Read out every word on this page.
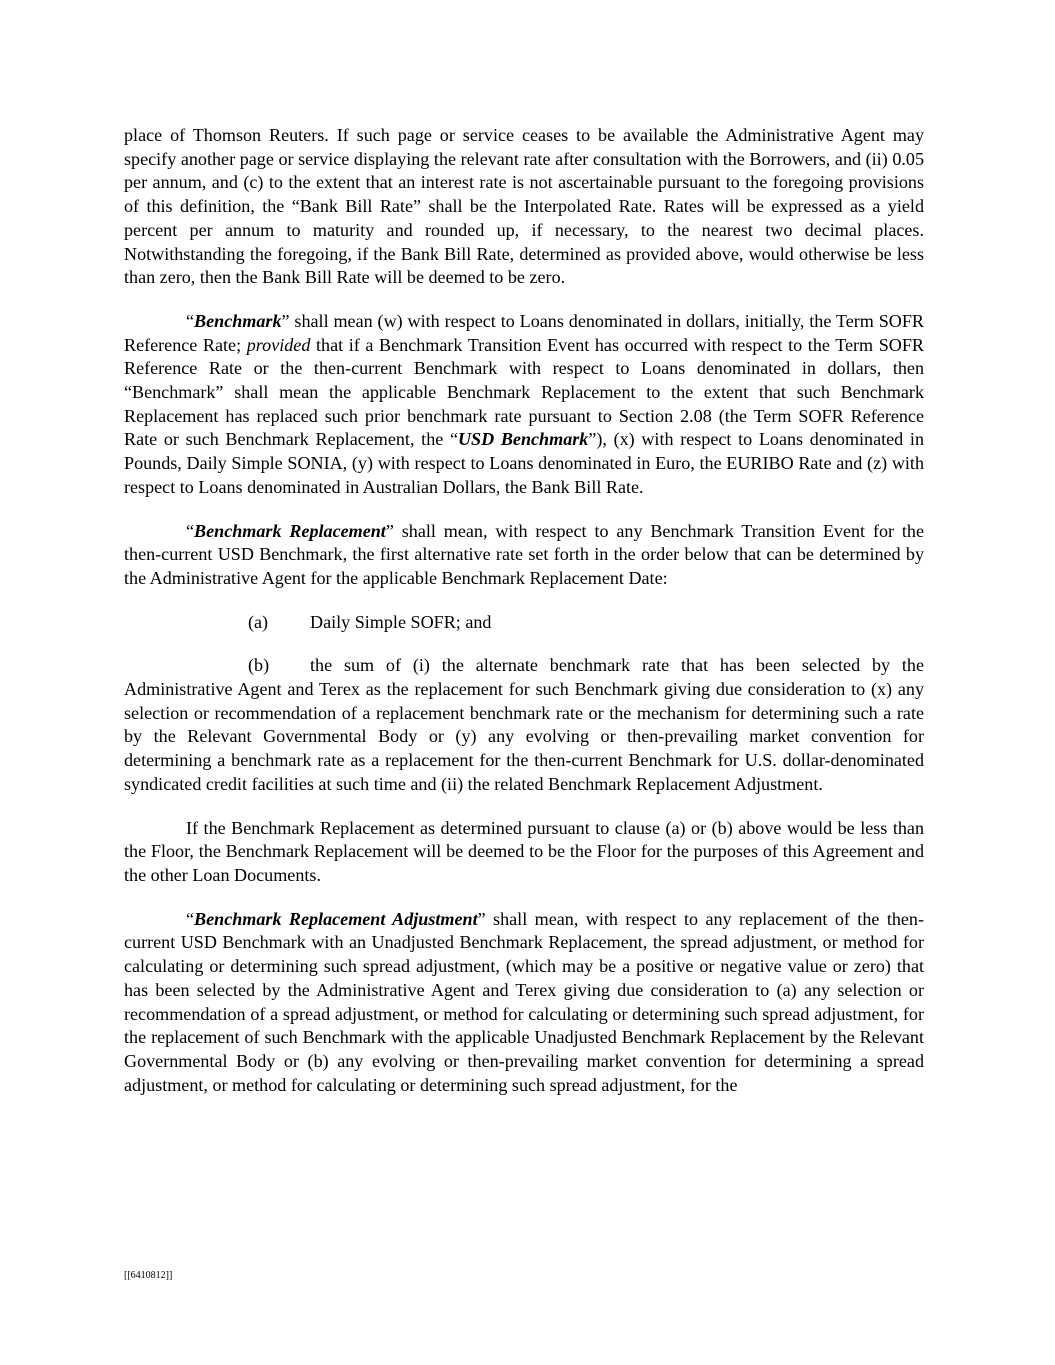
place of Thomson Reuters. If such page or service ceases to be available the Administrative Agent may specify another page or service displaying the relevant rate after consultation with the Borrowers, and (ii) 0.05 per annum, and (c) to the extent that an interest rate is not ascertainable pursuant to the foregoing provisions of this definition, the “Bank Bill Rate” shall be the Interpolated Rate. Rates will be expressed as a yield percent per annum to maturity and rounded up, if necessary, to the nearest two decimal places. Notwithstanding the foregoing, if the Bank Bill Rate, determined as provided above, would otherwise be less than zero, then the Bank Bill Rate will be deemed to be zero.

“Benchmark” shall mean (w) with respect to Loans denominated in dollars, initially, the Term SOFR Reference Rate; provided that if a Benchmark Transition Event has occurred with respect to the Term SOFR Reference Rate or the then-current Benchmark with respect to Loans denominated in dollars, then “Benchmark” shall mean the applicable Benchmark Replacement to the extent that such Benchmark Replacement has replaced such prior benchmark rate pursuant to Section 2.08 (the Term SOFR Reference Rate or such Benchmark Replacement, the “USD Benchmark”), (x) with respect to Loans denominated in Pounds, Daily Simple SONIA, (y) with respect to Loans denominated in Euro, the EURIBO Rate and (z) with respect to Loans denominated in Australian Dollars, the Bank Bill Rate.

“Benchmark Replacement” shall mean, with respect to any Benchmark Transition Event for the then-current USD Benchmark, the first alternative rate set forth in the order below that can be determined by the Administrative Agent for the applicable Benchmark Replacement Date:

(a) Daily Simple SOFR; and

(b) the sum of (i) the alternate benchmark rate that has been selected by the Administrative Agent and Terex as the replacement for such Benchmark giving due consideration to (x) any selection or recommendation of a replacement benchmark rate or the mechanism for determining such a rate by the Relevant Governmental Body or (y) any evolving or then-prevailing market convention for determining a benchmark rate as a replacement for the then-current Benchmark for U.S. dollar-denominated syndicated credit facilities at such time and (ii) the related Benchmark Replacement Adjustment.

If the Benchmark Replacement as determined pursuant to clause (a) or (b) above would be less than the Floor, the Benchmark Replacement will be deemed to be the Floor for the purposes of this Agreement and the other Loan Documents.

“Benchmark Replacement Adjustment” shall mean, with respect to any replacement of the then-current USD Benchmark with an Unadjusted Benchmark Replacement, the spread adjustment, or method for calculating or determining such spread adjustment, (which may be a positive or negative value or zero) that has been selected by the Administrative Agent and Terex giving due consideration to (a) any selection or recommendation of a spread adjustment, or method for calculating or determining such spread adjustment, for the replacement of such Benchmark with the applicable Unadjusted Benchmark Replacement by the Relevant Governmental Body or (b) any evolving or then-prevailing market convention for determining a spread adjustment, or method for calculating or determining such spread adjustment, for the

[[6410812]]
